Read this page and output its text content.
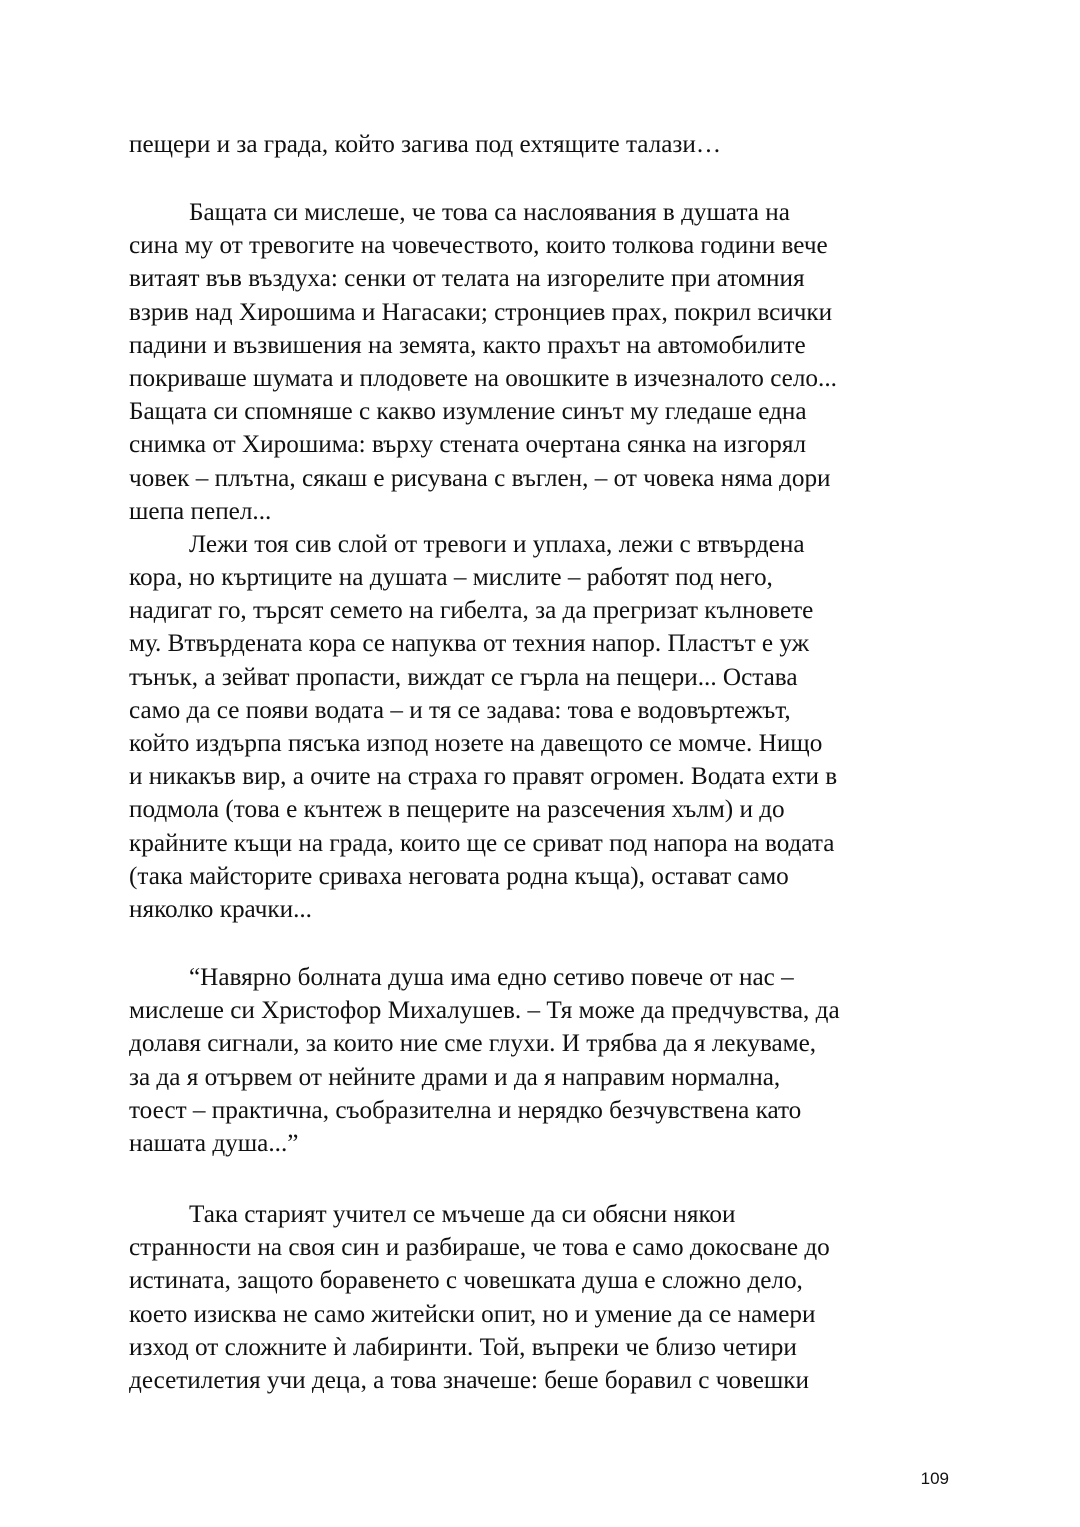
пещери и за града, който загива под ехтящите талази…
Бащата си мислеше, че това са наслоявания в душата на
сина му от тревогите на човечеството, които толкова години вече
витаят във въздуха: сенки от телата на изгорелите при атомния
взрив над Хирошима и Нагасаки; стронциев прах, покрил всички
падини и възвишения на земята, както прахът на автомобилите
покриваше шумата и плодовете на овошките в изчезналото село...
Бащата си спомняше с какво изумление синът му гледаше една
снимка от Хирошима: върху стената очертана сянка на изгорял
човек – плътна, сякаш е рисувана с въглен, – от човека няма дори
шепа пепел...
Лежи тоя сив слой от тревоги и уплаха, лежи с втвърдена
кора, но къртиците на душата – мислите – работят под него,
надигат го, търсят семето на гибелта, за да прегризат кълновете
му. Втвърдената кора се напуква от техния напор. Пластът е уж
тънък, а зейват пропасти, виждат се гърла на пещери... Остава
само да се появи водата – и тя се задава: това е водовъртежът,
който издърпа пясъка изпод нозете на давещото се момче. Нищо
и никакъв вир, а очите на страха го правят огромен. Водата ехти в
подмола (това е кънтеж в пещерите на разсечения хълм) и до
крайните къщи на града, които ще се сриват под напора на водата
(така майсторите сриваха неговата родна къща), остават само
няколко крачки...
“Навярно болната душа има едно сетиво повече от нас –
мислеше си Христофор Михалушев. – Тя може да предчувства, да
долавя сигнали, за които ние сме глухи. И трябва да я лекуваме,
за да я отървем от нейните драми и да я направим нормална,
тоест – практична, съобразителна и нерядко безчувствена като
нашата душа...”
Така старият учител се мъчеше да си обясни някои
странности на своя син и разбираше, че това е само докосване до
истината, защото боравенето с човешката душа е сложно дело,
което изисква не само житейски опит, но и умение да се намери
изход от сложните ѝ лабиринти. Той, въпреки че близо четири
десетилетия учи деца, а това значеше: беше боравил с човешки
109
